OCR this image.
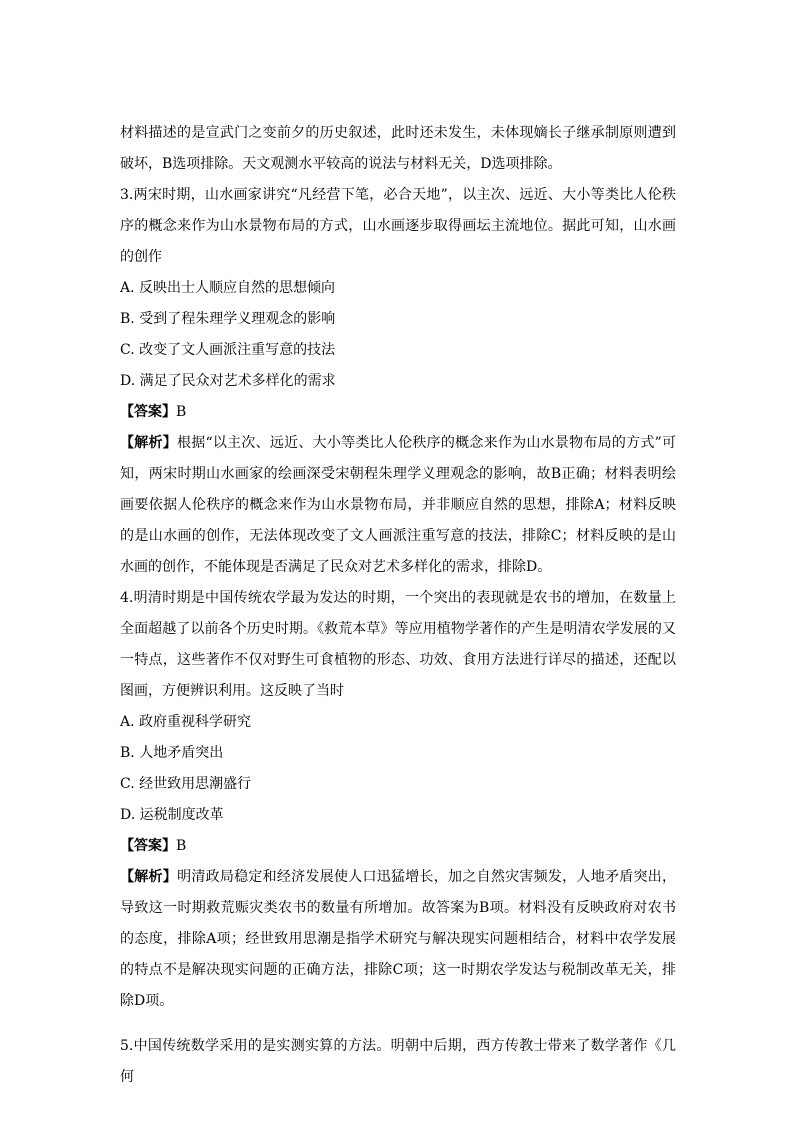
材料描述的是宣武门之变前夕的历史叙述，此时还未发生，未体现嫡长子继承制原则遭到破坏，B选项排除。天文观测水平较高的说法与材料无关，D选项排除。

3.两宋时期，山水画家讲究“凡经营下笔，必合天地”，以主次、远近、大小等类比人伦秩序的概念来作为山水景物布局的方式，山水画逐步取得画坛主流地位。据此可知，山水画的创作

A. 反映出士人顺应自然的思想倾向

B. 受到了程朱理学义理观念的影响

C. 改变了文人画派注重写意的技法

D. 满足了民众对艺术多样化的需求

【答案】B

【解析】根据“以主次、远近、大小等类比人伦秩序的概念来作为山水景物布局的方式”可知，两宋时期山水画家的绘画深受宋朝程朱理学义理观念的影响，故B正确；材料表明绘画要依据人伦秩序的概念来作为山水景物布局，并非顺应自然的思想，排除A；材料反映的是山水画的创作，无法体现改变了文人画派注重写意的技法，排除C；材料反映的是山水画的创作，不能体现是否满足了民众对艺术多样化的需求，排除D。

4.明清时期是中国传统农学最为发达的时期，一个突出的表现就是农书的增加，在数量上全面超越了以前各个历史时期。《救荒本草》等应用植物学著作的产生是明清农学发展的又一特点，这些著作不仅对野生可食植物的形态、功效、食用方法进行详尽的描述，还配以图画，方便辨识利用。这反映了当时

A. 政府重视科学研究

B. 人地矛盾突出

C. 经世致用思潮盛行

D. 运税制度改革

【答案】B

【解析】明清政局稳定和经济发展使人口迅猛增长，加之自然灾害频发，人地矛盾突出，导致这一时期救荒赈灾类农书的数量有所增加。故答案为B项。材料没有反映政府对农书的态度，排除A项；经世致用思潮是指学术研究与解决现实问题相结合，材料中农学发展的特点不是解决现实问题的正确方法，排除C项；这一时期农学发达与税制改革无关，排除D项。

5.中国传统数学采用的是实测实算的方法。明朝中后期，西方传教士带来了数学著作《几何
